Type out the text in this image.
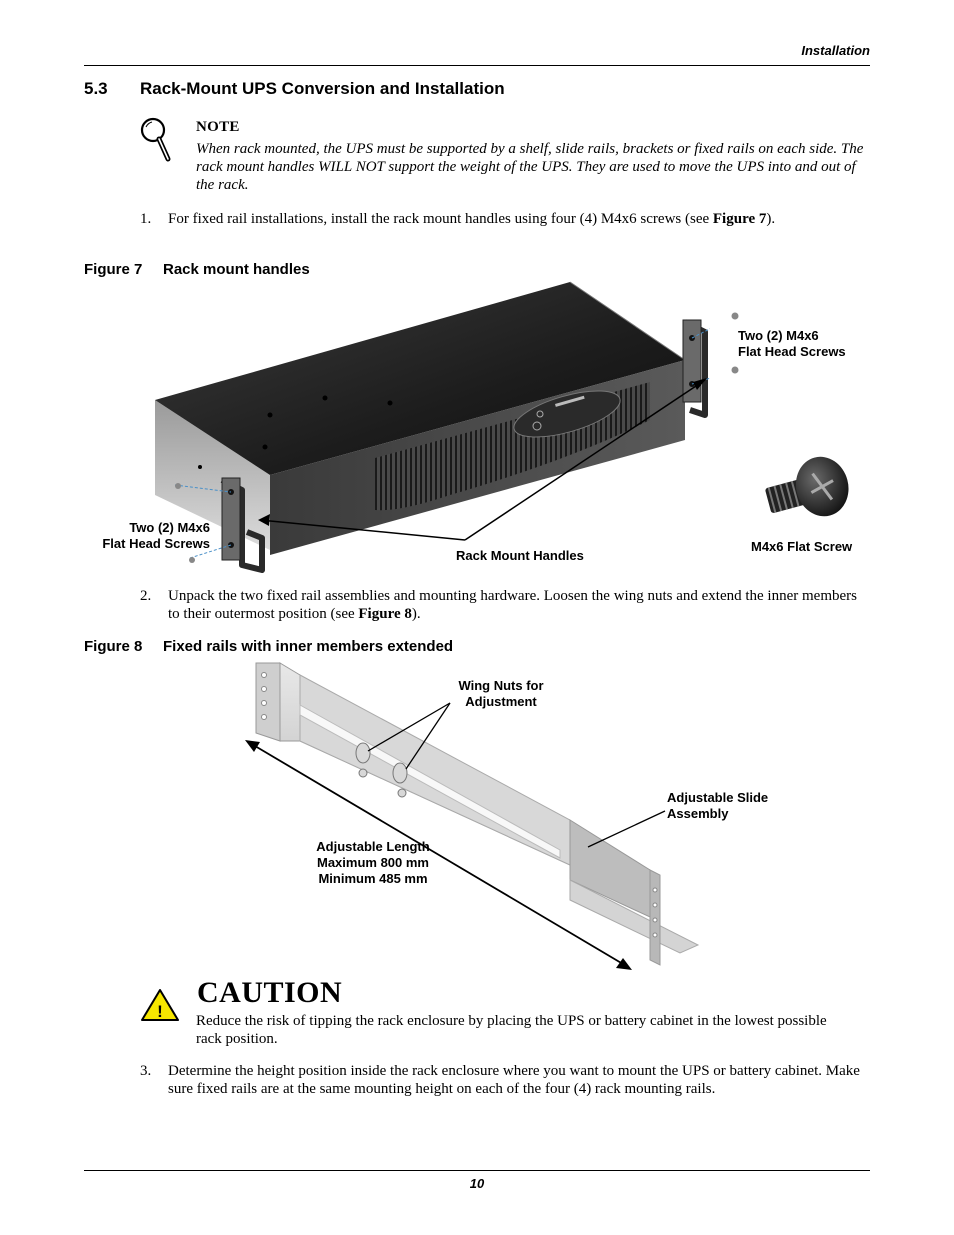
Installation
5.3 Rack-Mount UPS Conversion and Installation
NOTE
When rack mounted, the UPS must be supported by a shelf, slide rails, brackets or fixed rails on each side. The rack mount handles WILL NOT support the weight of the UPS. They are used to move the UPS into and out of the rack.
1. For fixed rail installations, install the rack mount handles using four (4) M4x6 screws (see Figure 7).
Figure 7 Rack mount handles
Two (2) M4x6
Flat Head Screws
Two (2) M4x6
Flat Head Screws
Rack Mount Handles
M4x6 Flat Screw
2. Unpack the two fixed rail assemblies and mounting hardware. Loosen the wing nuts and extend the inner members to their outermost position (see Figure 8).
Figure 8 Fixed rails with inner members extended
Wing Nuts for
Adjustment
Adjustable Slide
Assembly
Adjustable Length
Maximum 800 mm
Minimum 485 mm
!
CAUTION
Reduce the risk of tipping the rack enclosure by placing the UPS or battery cabinet in the lowest possible rack position.
3. Determine the height position inside the rack enclosure where you want to mount the UPS or battery cabinet. Make sure fixed rails are at the same mounting height on each of the four (4) rack mounting rails.
10
